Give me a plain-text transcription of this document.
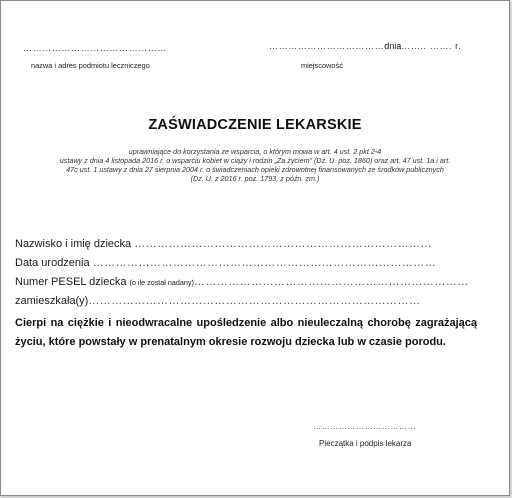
………………………………………
nazwa i adres podmiotu leczniczego
………………………………dnia…….. ……. r.
miejscowość
ZAŚWIADCZENIE LEKARSKIE
uprawniające do korzystania ze wsparcia, o którym mowa w art. 4 ust. 2 pkt 2-4
ustawy z dnia 4 listopada 2016 r. o wsparciu kobiet w ciąży i rodzin „Za życiem” (Dz. U. poz. 1860) oraz art. 47 ust. 1a i art.
47c ust. 1 ustawy z dnia 27 sierpnia 2004 r. o świadczeniach opieki zdrowotnej finansowanych ze środków publicznych
(Dz. U. z 2016 r. poz. 1793, z późn. zm.)
Nazwisko i imię dziecka ……………………………………………………………………
Data urodzenia ………………………………………………………………………………
Numer PESEL dziecka (o ile został nadany)………………………………………………………………
zamieszkała(y)……………………………………………………………………………
Cierpi na ciężkie i nieodwracalne upośledzenie albo nieuleczalną chorobę zagrażającą życiu, które powstały w prenatalnym okresie rozwoju dziecka lub w czasie porodu.
………………………………
Pieczątka i podpis lekarza
